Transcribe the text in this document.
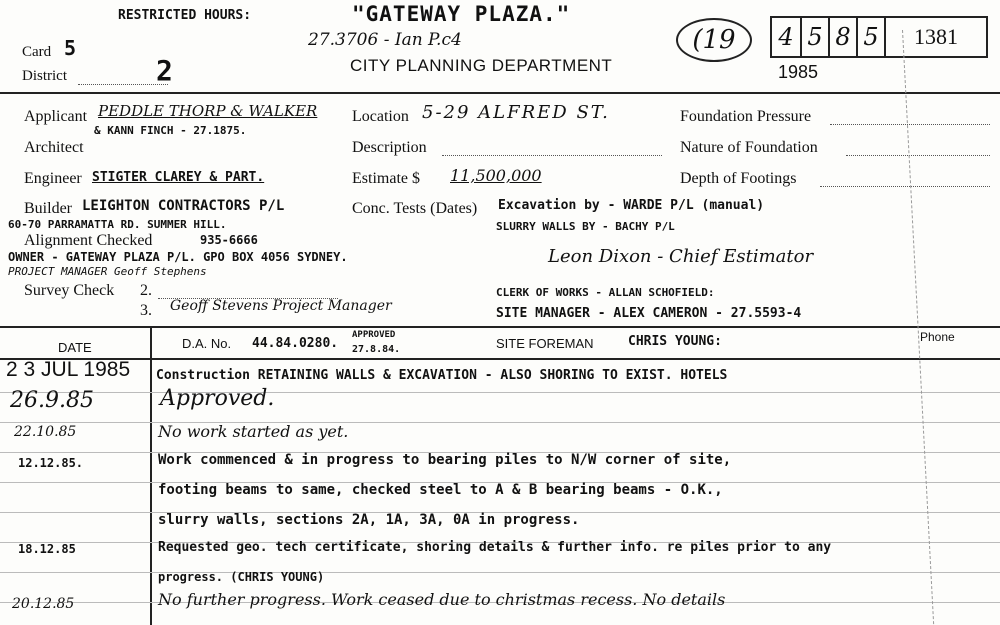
RESTRICTED HOURS:	"GATEWAY PLAZA."
27.3706 - Ian P.c4
CITY PLANNING DEPARTMENT
(19	4 5 8 5	1381
1985
Card 5
District	2
Applicant PEDDLE THORP & WALKER
& KANN FINCH - 27.1875.
Architect
Engineer STIGTER CLAREY & PART.
Builder LEIGHTON CONTRACTORS P/L
60-70 PARRAMATTA RD. SUMMER HILL.
Alignment Checked	935-6666
OWNER - GATEWAY PLAZA P/L. GPO BOX 4056 SYDNEY.
PROJECT MANAGER Geoff Stephens
Survey Check 2.
3. Geoff Stevens Project Manager
Location 5-29 ALFRED ST.
Description
Estimate $ 11,500,000
Conc. Tests (Dates) Excavation by - WARDE P/L (manual)
SLURRY WALLS BY - BACHY P/L
Leon Dixon - Chief Estimator
CLERK OF WORKS - ALLAN SCHOFIELD:
SITE MANAGER - ALEX CAMERON - 27.5593-4
Foundation Pressure
Nature of Foundation
Depth of Footings
DATE	D.A. No. 44.84.0280.
APPROVED
27.8.84.	SITE FOREMAN	CHRIS YOUNG:	Phone
2 3 JUL 1985 Construction RETAINING WALLS & EXCAVATION - ALSO SHORING TO EXIST. HOTELS
26.9.85	Approved.
22.10.85	No work started as yet.
12.12.85.	Work commenced & in progress to bearing piles to N/W corner of site,
footing beams to same, checked steel to A & B bearing beams - O.K.,
slurry walls, sections 2A, 1A, 3A, 0A in progress.
18.12.85	Requested geo. tech certificate, shoring details & further info. re piles prior to any
progress. (CHRIS YOUNG)
20.12.85	No further progress. Work ceased due to christmas recess. No details
